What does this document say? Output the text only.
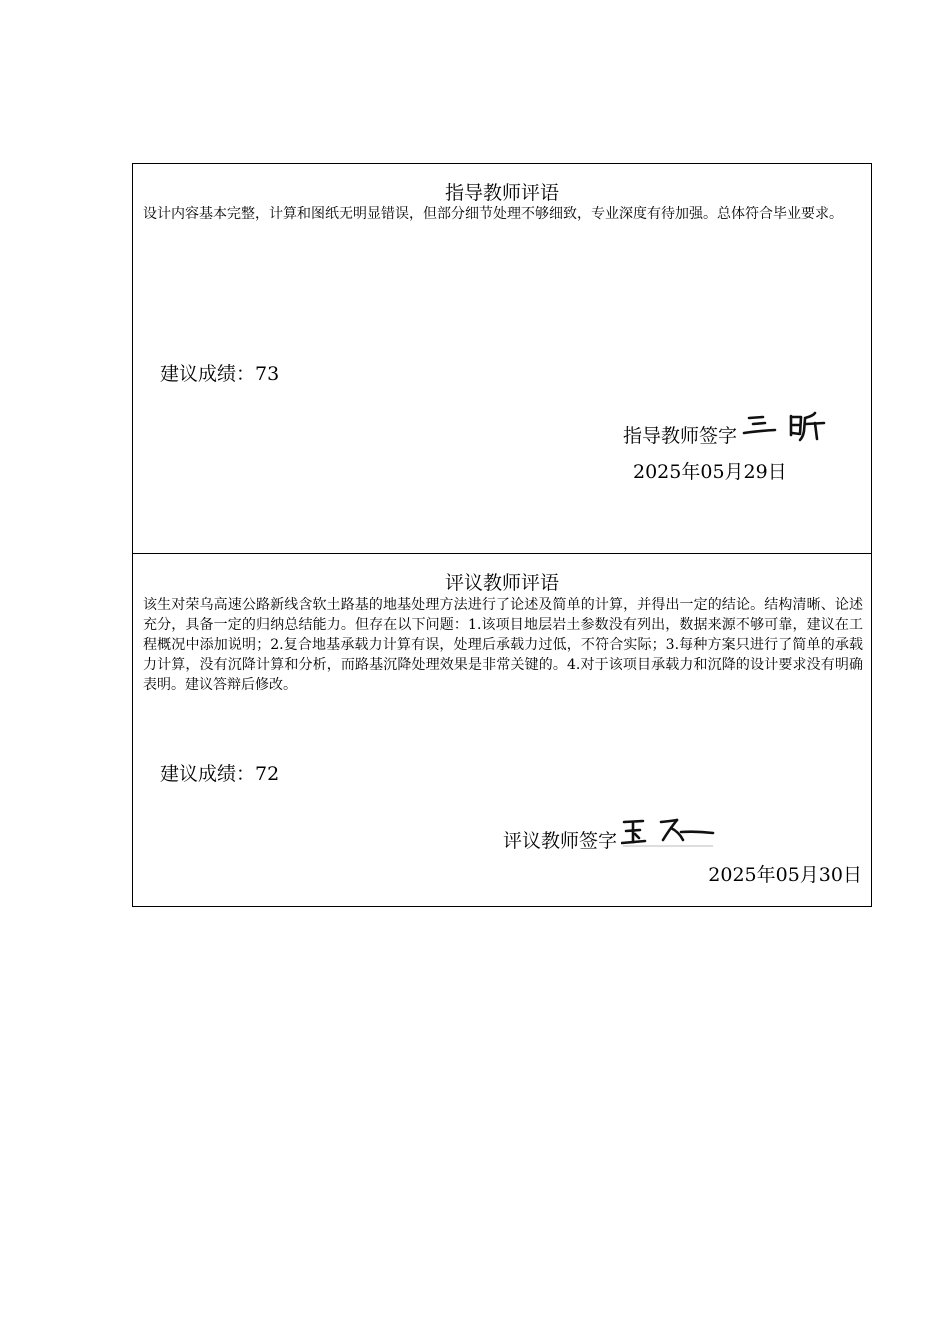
指导教师评语
设计内容基本完整，计算和图纸无明显错误，但部分细节处理不够细致，专业深度有待加强。总体符合毕业要求。
建议成绩：73
指导教师签字
2025年05月29日
评议教师评语
该生对荣乌高速公路新线含软土路基的地基处理方法进行了论述及简单的计算，并得出一定的结论。结构清晰、论述充分，具备一定的归纳总结能力。但存在以下问题：1.该项目地层岩土参数没有列出，数据来源不够可靠，建议在工程概况中添加说明；2.复合地基承载力计算有误，处理后承载力过低，不符合实际；3.每种方案只进行了简单的承载力计算，没有沉降计算和分析，而路基沉降处理效果是非常关键的。4.对于该项目承载力和沉降的设计要求没有明确表明。建议答辩后修改。
建议成绩：72
评议教师签字
2025年05月30日
